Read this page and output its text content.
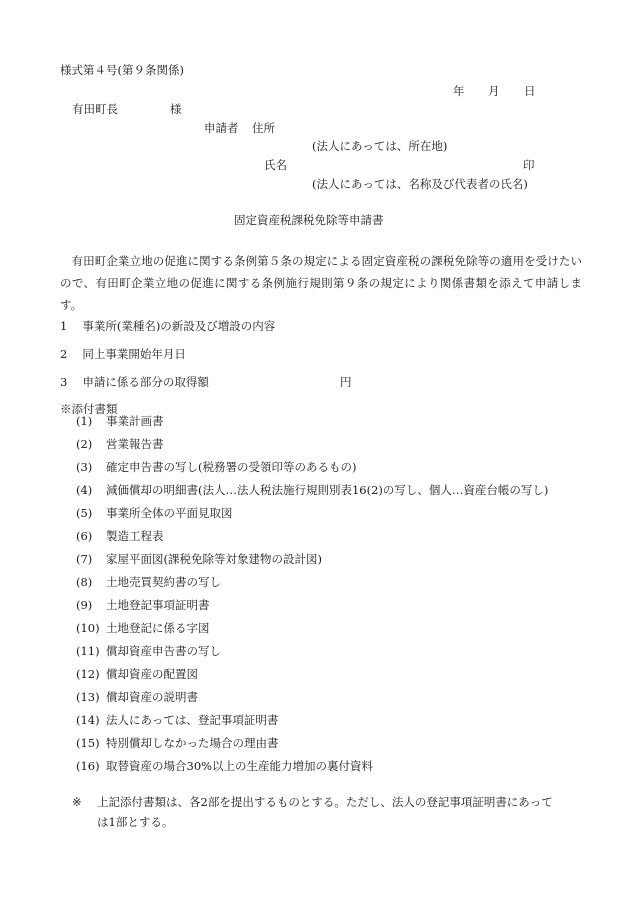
様式第４号(第９条関係)
年 月 日
有田町長	様
申請者 住所
(法人にあっては、所在地)
氏名	印
(法人にあっては、名称及び代表者の氏名)
固定資産税課税免除等申請書
有田町企業立地の促進に関する条例第５条の規定による固定資産税の課税免除等の適用を受けたいので、有田町企業立地の促進に関する条例施行規則第９条の規定により関係書類を添えて申請します。
1 事業所(業種名)の新設及び増設の内容
2 同上事業開始年月日
3 申請に係る部分の取得額	円
※添付書類
(1) 事業計画書
(2) 営業報告書
(3) 確定申告書の写し(税務署の受領印等のあるもの)
(4) 減価償却の明細書(法人…法人税法施行規則別表16(2)の写し、個人…資産台帳の写し)
(5) 事業所全体の平面見取図
(6) 製造工程表
(7) 家屋平面図(課税免除等対象建物の設計図)
(8) 土地売買契約書の写し
(9) 土地登記事項証明書
(10) 土地登記に係る字図
(11) 償却資産申告書の写し
(12) 償却資産の配置図
(13) 償却資産の説明書
(14) 法人にあっては、登記事項証明書
(15) 特別償却しなかった場合の理由書
(16) 取替資産の場合30%以上の生産能力増加の裏付資料
※ 上記添付書類は、各2部を提出するものとする。ただし、法人の登記事項証明書にあって
は1部とする。
